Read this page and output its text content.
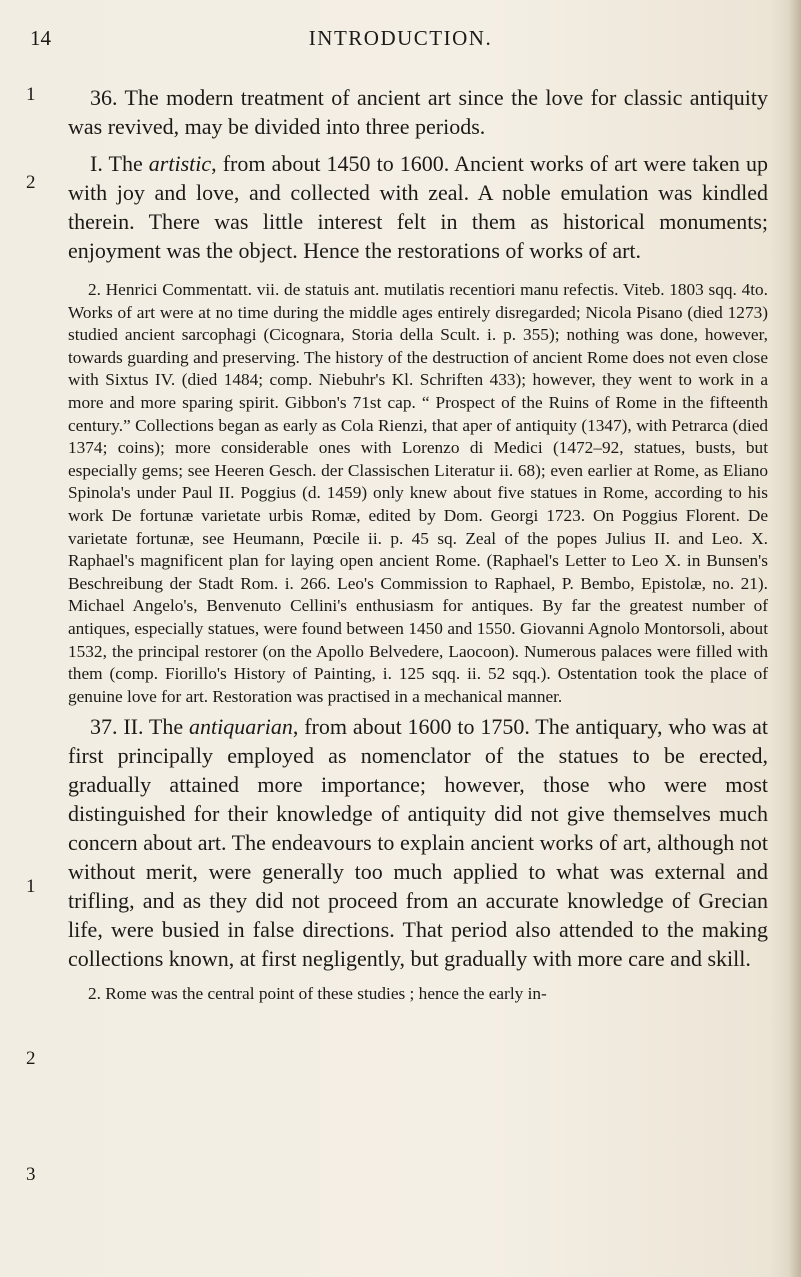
14	INTRODUCTION.
1
2
1
2
3

36. The modern treatment of ancient art since the love for classic antiquity was revived, may be divided into three periods.

I. The artistic, from about 1450 to 1600. Ancient works of art were taken up with joy and love, and collected with zeal. A noble emulation was kindled therein. There was little interest felt in them as historical monuments; enjoyment was the object. Hence the restorations of works of art.

2. Henrici Commentatt. vii. de statuis ant. mutilatis recentiori manu refectis. Viteb. 1803 sqq. 4to. Works of art were at no time during the middle ages entirely disregarded; Nicola Pisano (died 1273) studied ancient sarcophagi (Cicognara, Storia della Scult. i. p. 355); nothing was done, however, towards guarding and preserving. The history of the destruction of ancient Rome does not even close with Sixtus IV. (died 1484; comp. Niebuhr's Kl. Schriften 433); however, they went to work in a more and more sparing spirit. Gibbon's 71st cap. “ Prospect of the Ruins of Rome in the fifteenth century.” Collections began as early as Cola Rienzi, that aper of antiquity (1347), with Petrarca (died 1374; coins); more considerable ones with Lorenzo di Medici (1472–92, statues, busts, but especially gems; see Heeren Gesch. der Classischen Literatur ii. 68); even earlier at Rome, as Eliano Spinola's under Paul II. Poggius (d. 1459) only knew about five statues in Rome, according to his work De fortunæ varietate urbis Romæ, edited by Dom. Georgi 1723. On Poggius Florent. De varietate fortunæ, see Heumann, Pœcile ii. p. 45 sq. Zeal of the popes Julius II. and Leo. X. Raphael's magnificent plan for laying open ancient Rome. (Raphael's Letter to Leo X. in Bunsen's Beschreibung der Stadt Rom. i. 266. Leo's Commission to Raphael, P. Bembo, Epistolæ, no. 21). Michael Angelo's, Benvenuto Cellini's enthusiasm for antiques. By far the greatest number of antiques, especially statues, were found between 1450 and 1550. Giovanni Agnolo Montorsoli, about 1532, the principal restorer (on the Apollo Belvedere, Laocoon). Numerous palaces were filled with them (comp. Fiorillo's History of Painting, i. 125 sqq. ii. 52 sqq.). Ostentation took the place of genuine love for art. Restoration was practised in a mechanical manner.

37. II. The antiquarian, from about 1600 to 1750. The antiquary, who was at first principally employed as nomenclator of the statues to be erected, gradually attained more importance; however, those who were most distinguished for their knowledge of antiquity did not give themselves much concern about art. The endeavours to explain ancient works of art, although not without merit, were generally too much applied to what was external and trifling, and as they did not proceed from an accurate knowledge of Grecian life, were busied in false directions. That period also attended to the making collections known, at first negligently, but gradually with more care and skill.

2. Rome was the central point of these studies ; hence the early in-
